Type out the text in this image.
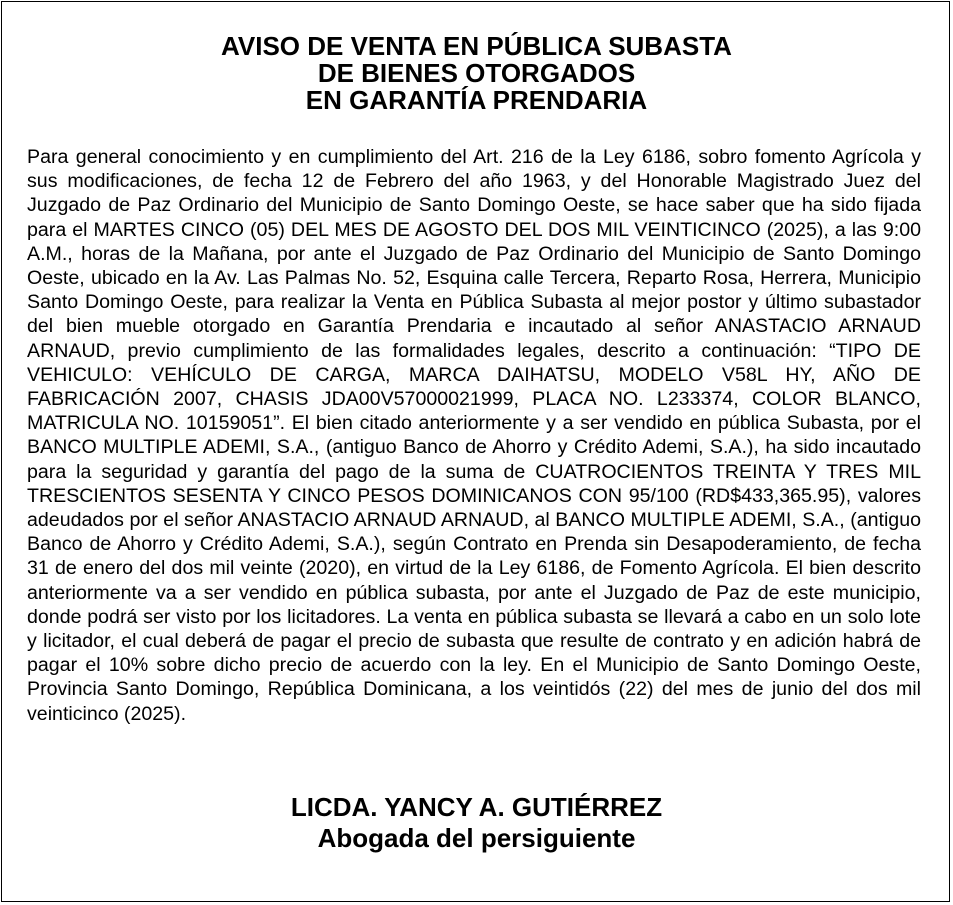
AVISO DE VENTA EN PÚBLICA SUBASTA
DE BIENES OTORGADOS
EN GARANTÍA PRENDARIA

Para general conocimiento y en cumplimiento del Art. 216 de la Ley 6186, sobro fomento Agrícola y sus modificaciones, de fecha 12 de Febrero del año 1963, y del Honorable Magistrado Juez del Juzgado de Paz Ordinario del Municipio de Santo Domingo Oeste, se hace saber que ha sido fijada para el MARTES CINCO (05) DEL MES DE AGOSTO DEL DOS MIL VEINTICINCO (2025), a las 9:00 A.M., horas de la Mañana, por ante el Juzgado de Paz Ordinario del Municipio de Santo Domingo Oeste, ubicado en la Av. Las Palmas No. 52, Esquina calle Tercera, Reparto Rosa, Herrera, Municipio Santo Domingo Oeste, para realizar la Venta en Pública Subasta al mejor postor y último subastador del bien mueble otorgado en Garantía Prendaria e incautado al señor ANASTACIO ARNAUD ARNAUD, previo cumplimiento de las formalidades legales, descrito a continuación: “TIPO DE VEHICULO: VEHÍCULO DE CARGA, MARCA DAIHATSU, MODELO V58L HY, AÑO DE FABRICACIÓN 2007, CHASIS JDA00V57000021999, PLACA NO. L233374, COLOR BLANCO, MATRICULA NO. 10159051”. El bien citado anteriormente y a ser vendido en pública Subasta, por el BANCO MULTIPLE ADEMI, S.A., (antiguo Banco de Ahorro y Crédito Ademi, S.A.), ha sido incautado para la seguridad y garantía del pago de la suma de CUATROCIENTOS TREINTA Y TRES MIL TRESCIENTOS SESENTA Y CINCO PESOS DOMINICANOS CON 95/100 (RD$433,365.95), valores adeudados por el señor ANASTACIO ARNAUD ARNAUD, al BANCO MULTIPLE ADEMI, S.A., (antiguo Banco de Ahorro y Crédito Ademi, S.A.), según Contrato en Prenda sin Desapoderamiento, de fecha 31 de enero del dos mil veinte (2020), en virtud de la Ley 6186, de Fomento Agrícola. El bien descrito anteriormente va a ser vendido en pública subasta, por ante el Juzgado de Paz de este municipio, donde podrá ser visto por los licitadores. La venta en pública subasta se llevará a cabo en un solo lote y licitador, el cual deberá de pagar el precio de subasta que resulte de contrato y en adición habrá de pagar el 10% sobre dicho precio de acuerdo con la ley. En el Municipio de Santo Domingo Oeste, Provincia Santo Domingo, República Dominicana, a los veintidós (22) del mes de junio del dos mil veinticinco (2025).

LICDA. YANCY A. GUTIÉRREZ
Abogada del persiguiente
